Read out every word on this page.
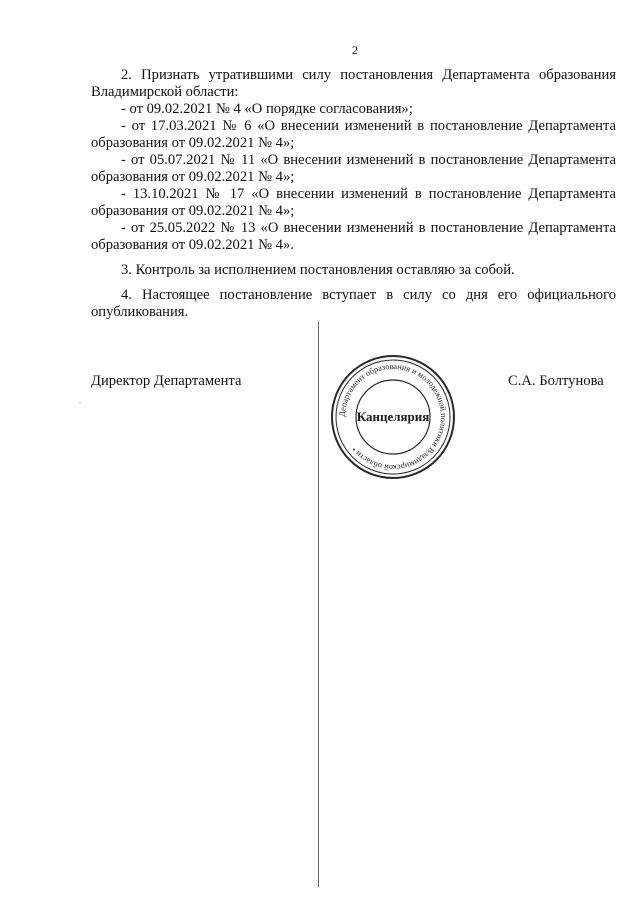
2

2. Признать утратившими силу постановления Департамента образования Владимирской области:

- от 09.02.2021 № 4 «О порядке согласования»;

- от 17.03.2021 № 6 «О внесении изменений в постановление Департамента образования от 09.02.2021 № 4»;

- от 05.07.2021 № 11 «О внесении изменений в постановление Департамента образования от 09.02.2021 № 4»;

- 13.10.2021 № 17 «О внесении изменений в постановление Департамента образования от 09.02.2021 № 4»;

- от 25.05.2022 № 13 «О внесении изменений в постановление Департамента образования от 09.02.2021 № 4».

3. Контроль за исполнением постановления оставляю за собой.

4. Настоящее постановление вступает в силу со дня его официального опубликования.

Директор Департамента	С.А. Болтунова
Департамент образования и молодежной политики Владимирской области •
Канцелярия
